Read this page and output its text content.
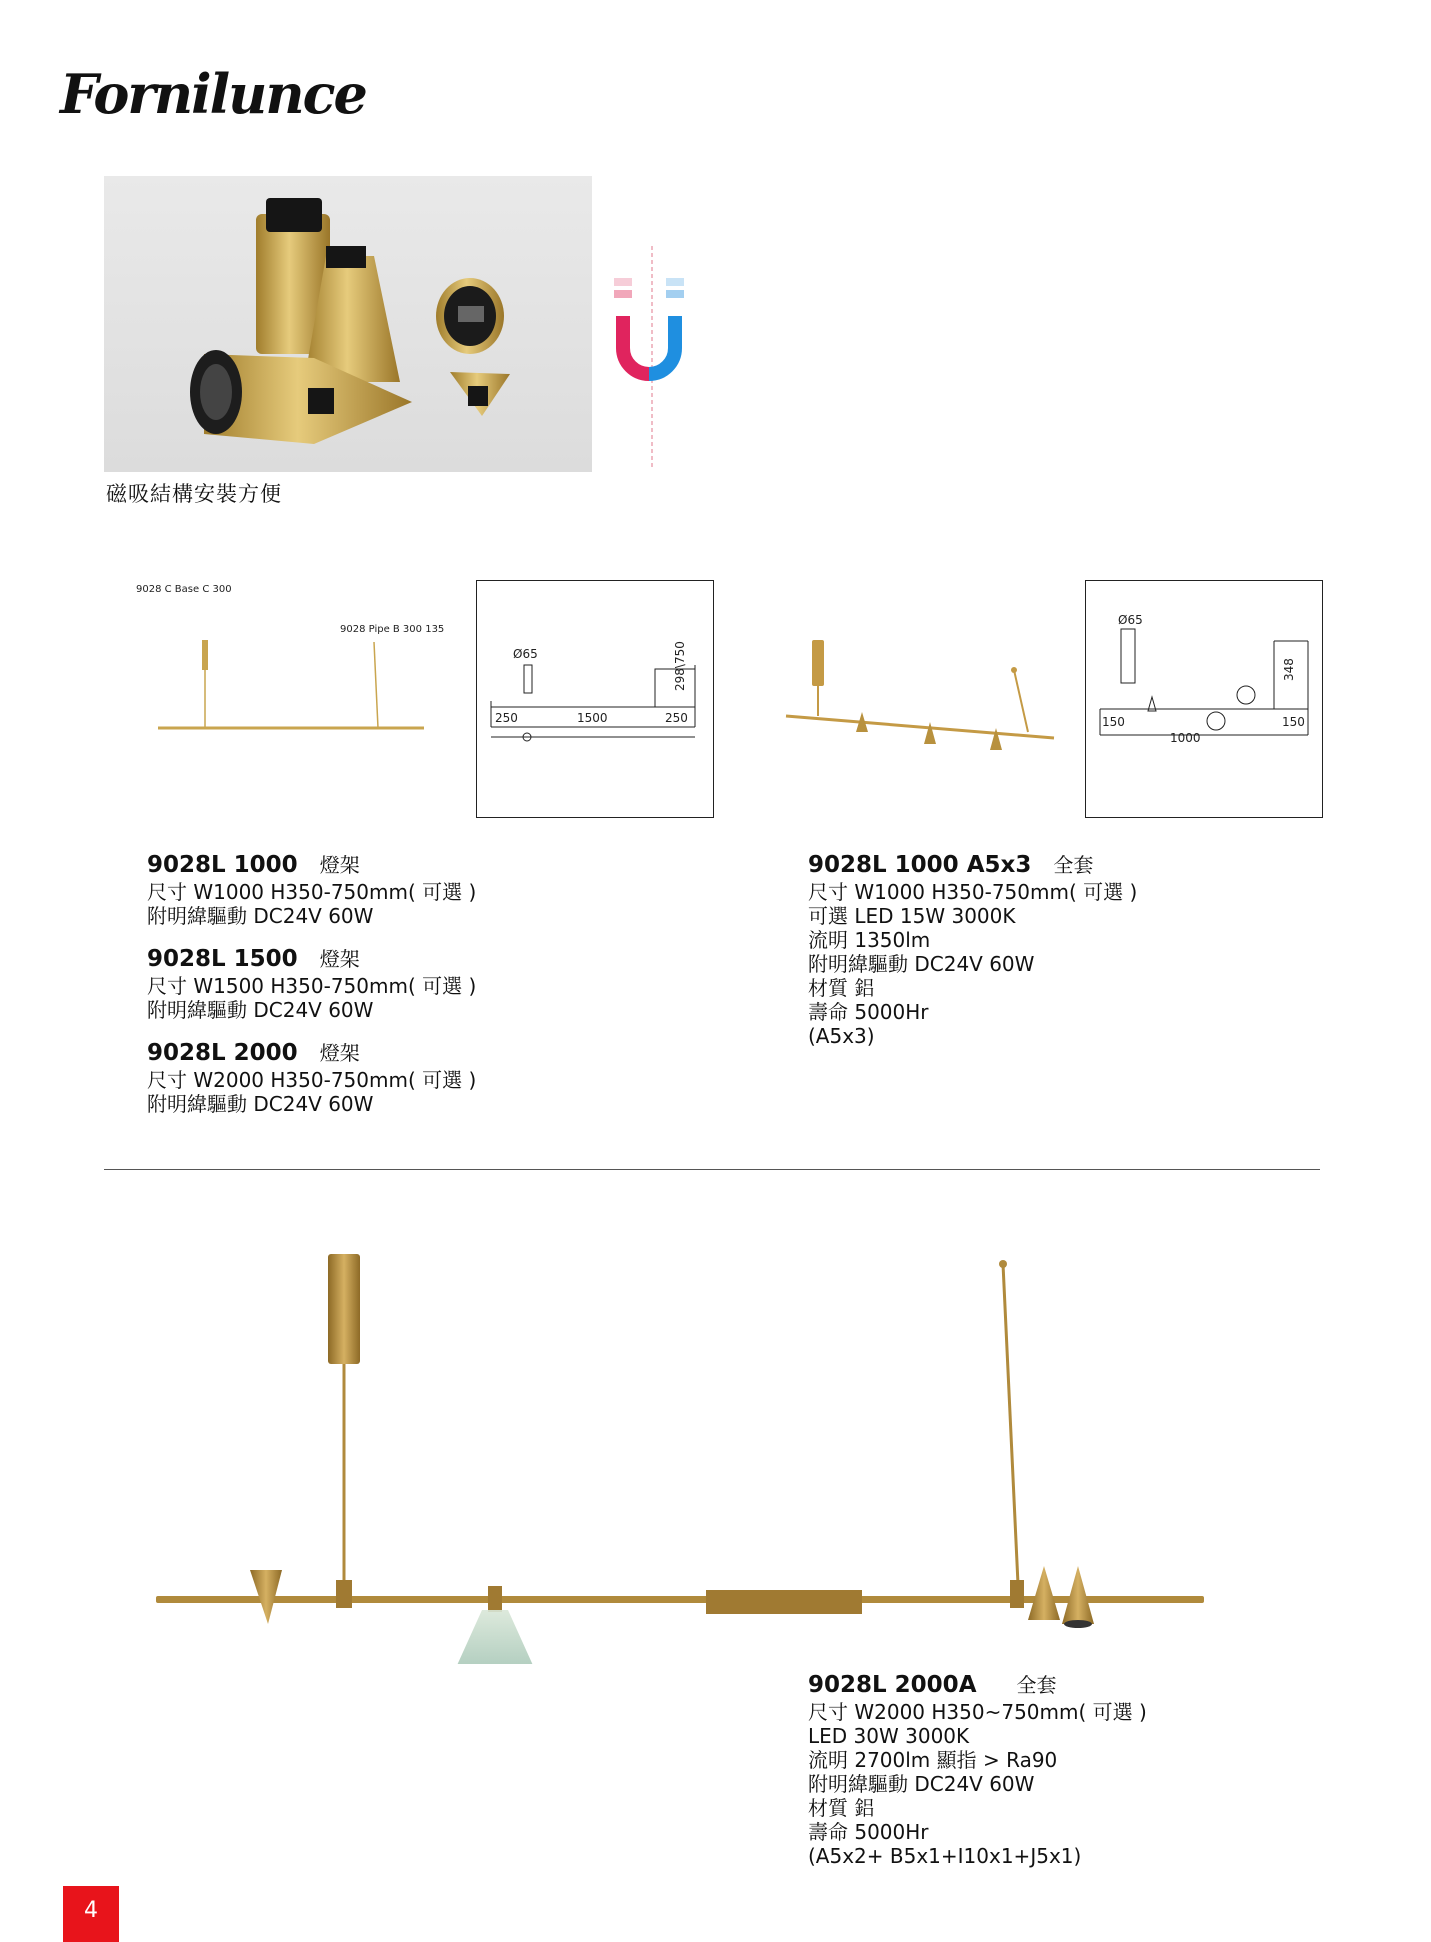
Fornilunce
磁吸結構安裝方便
9028 C Base C 300
9028 Pipe B 300 135
Ø65
250	1500	250
298\750
Ø65
348
150
1000
150
9028L 1000 燈架
尺寸 W1000 H350-750mm( 可選 )
附明緯驅動 DC24V 60W
9028L 1500 燈架
尺寸 W1500 H350-750mm( 可選 )
附明緯驅動 DC24V 60W
9028L 2000 燈架
尺寸 W2000 H350-750mm( 可選 )
附明緯驅動 DC24V 60W
9028L 1000 A5x3 全套
尺寸 W1000 H350-750mm( 可選 )
可選 LED 15W 3000K
流明 1350lm
附明緯驅動 DC24V 60W
材質 鋁
壽命 5000Hr
(A5x3)
9028L 2000A 全套
尺寸 W2000 H350~750mm( 可選 )
LED 30W 3000K
流明 2700lm 顯指 > Ra90
附明緯驅動 DC24V 60W
材質 鋁
壽命 5000Hr
(A5x2+ B5x1+I10x1+J5x1)
4
